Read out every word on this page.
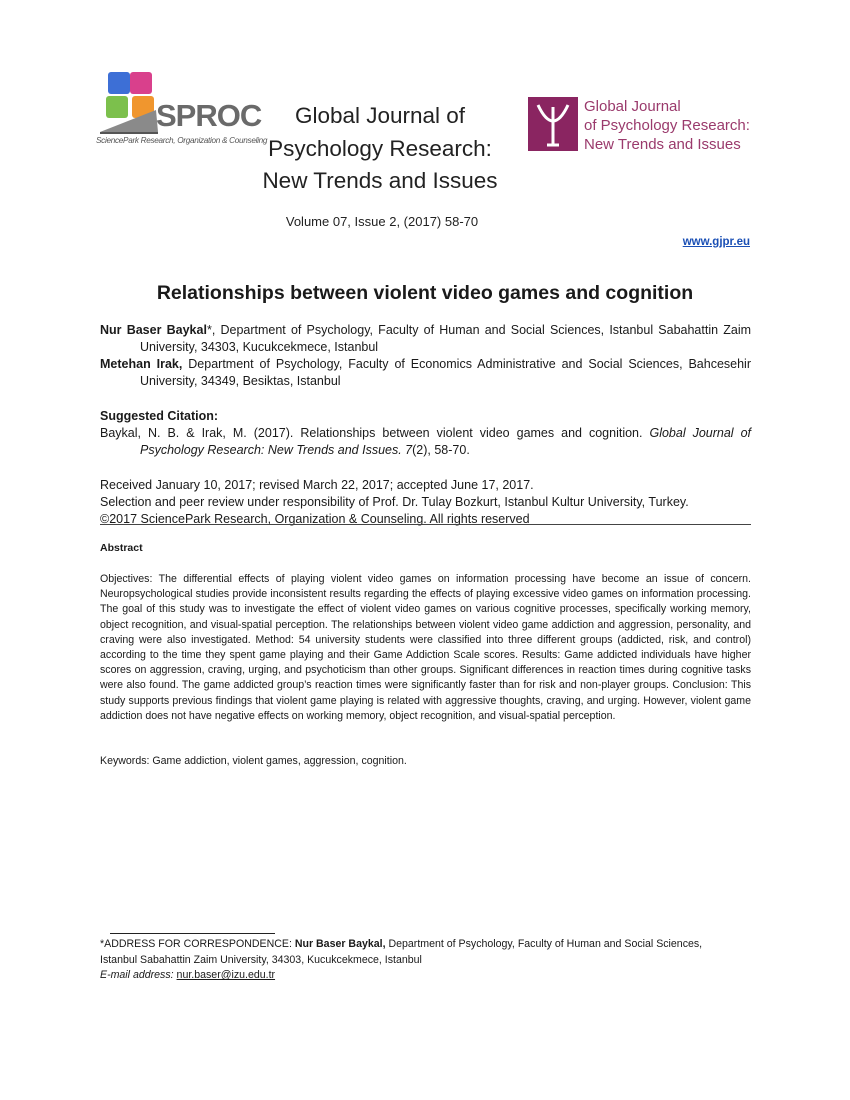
SPROC
SciencePark Research, Organization & Counseling
Global Journal of
Psychology Research:
New Trends and Issues
Global Journal
of Psychology Research:
New Trends and Issues
Volume 07, Issue 2, (2017) 58-70
www.gjpr.eu
Relationships between violent video games and cognition
Nur Baser Baykal*, Department of Psychology, Faculty of Human and Social Sciences, Istanbul Sabahattin Zaim
University, 34303, Kucukcekmece, Istanbul
Metehan Irak, Department of Psychology, Faculty of Economics Administrative and Social Sciences, Bahcesehir
University, 34349, Besiktas, Istanbul
Suggested Citation:
Baykal, N. B. & Irak, M. (2017). Relationships between violent video games and cognition. Global Journal of
Psychology Research: New Trends and Issues. 7(2), 58-70.
Received January 10, 2017; revised March 22, 2017; accepted June 17, 2017.
Selection and peer review under responsibility of Prof. Dr. Tulay Bozkurt, Istanbul Kultur University, Turkey.
©2017 SciencePark Research, Organization & Counseling. All rights reserved
Abstract
Objectives: The differential effects of playing violent video games on information processing have become an issue of concern. Neuropsychological studies provide inconsistent results regarding the effects of playing excessive video games on information processing. The goal of this study was to investigate the effect of violent video games on various cognitive processes, specifically working memory, object recognition, and visual-spatial perception. The relationships between violent video game addiction and aggression, personality, and craving were also investigated. Method: 54 university students were classified into three different groups (addicted, risk, and control) according to the time they spent game playing and their Game Addiction Scale scores. Results: Game addicted individuals have higher scores on aggression, craving, urging, and psychoticism than other groups. Significant differences in reaction times during cognitive tasks were also found. The game addicted group’s reaction times were significantly faster than for risk and non-player groups. Conclusion: This study supports previous findings that violent game playing is related with aggressive thoughts, craving, and urging. However, violent game addiction does not have negative effects on working memory, object recognition, and visual-spatial perception.
Keywords: Game addiction, violent games, aggression, cognition.
*ADDRESS FOR CORRESPONDENCE: Nur Baser Baykal, Department of Psychology, Faculty of Human and Social Sciences,
Istanbul Sabahattin Zaim University, 34303, Kucukcekmece, Istanbul
E-mail address: nur.baser@izu.edu.tr
